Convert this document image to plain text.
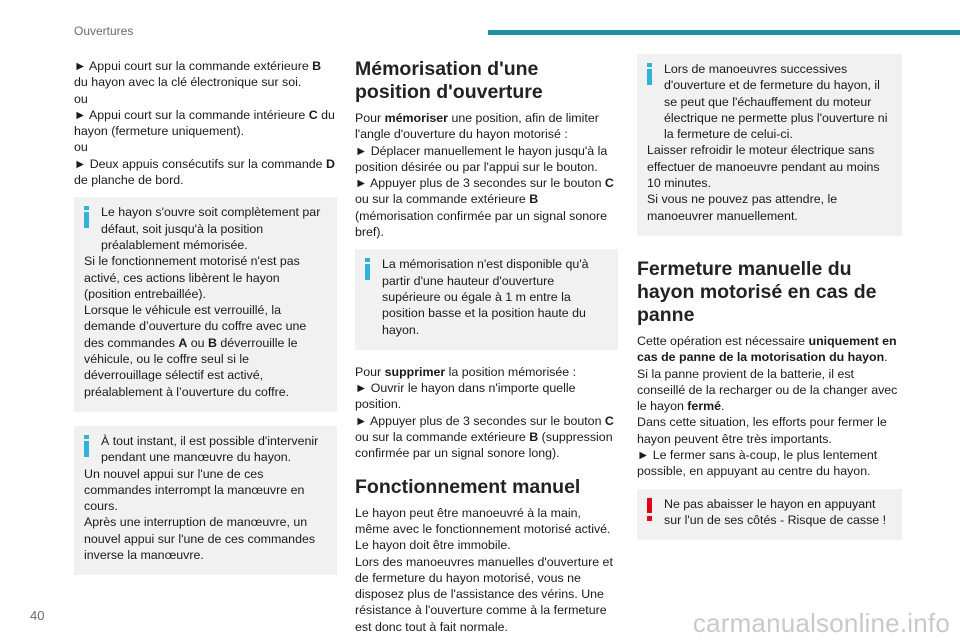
Ouvertures

► Appui court sur la commande extérieure B du hayon avec la clé électronique sur soi.

ou

► Appui court sur la commande intérieure C du hayon (fermeture uniquement).

ou

► Deux appuis consécutifs sur la commande D de planche de bord.

Le hayon s'ouvre soit complètement par défaut, soit jusqu'à la position préalablement mémorisée.
Si le fonctionnement motorisé n'est pas activé, ces actions libèrent le hayon (position entrebaillée).
Lorsque le véhicule est verrouillé, la demande d’ouverture du coffre avec une des commandes A ou B déverrouille le véhicule, ou le coffre seul si le déverrouillage sélectif est activé, préalablement à l’ouverture du coffre.
À tout instant, il est possible d'intervenir pendant une manœuvre du hayon.
Un nouvel appui sur l'une de ces commandes interrompt la manœuvre en cours.
Après une interruption de manœuvre, un nouvel appui sur l'une de ces commandes inverse la manœuvre.
Mémorisation d'une position d'ouverture

Pour mémoriser une position, afin de limiter l'angle d'ouverture du hayon motorisé :

► Déplacer manuellement le hayon jusqu'à la position désirée ou par l'appui sur le bouton.

► Appuyer plus de 3 secondes sur le bouton C ou sur la commande extérieure B (mémorisation confirmée par un signal sonore bref).

La mémorisation n'est disponible qu'à partir d'une hauteur d'ouverture supérieure ou égale à 1 m entre la position basse et la position haute du hayon.

Pour supprimer la position mémorisée :

► Ouvrir le hayon dans n'importe quelle position.

► Appuyer plus de 3 secondes sur le bouton C ou sur la commande extérieure B (suppression confirmée par un signal sonore long).

Fonctionnement manuel

Le hayon peut être manoeuvré à la main, même avec le fonctionnement motorisé activé.

Le hayon doit être immobile.

Lors des manoeuvres manuelles d'ouverture et de fermeture du hayon motorisé, vous ne disposez plus de l'assistance des vérins. Une résistance à l'ouverture comme à la fermeture est donc tout à fait normale.

Lors de manoeuvres successives d'ouverture et de fermeture du hayon, il se peut que l'échauffement du moteur électrique ne permette plus l'ouverture ni la fermeture de celui-ci.
Laisser refroidir le moteur électrique sans effectuer de manoeuvre pendant au moins 10 minutes.
Si vous ne pouvez pas attendre, le manoeuvrer manuellement.
Fermeture manuelle du hayon motorisé en cas de panne

Cette opération est nécessaire uniquement en cas de panne de la motorisation du hayon.

Si la panne provient de la batterie, il est conseillé de la recharger ou de la changer avec le hayon fermé.

Dans cette situation, les efforts pour fermer le hayon peuvent être très importants.

► Le fermer sans à-coup, le plus lentement possible, en appuyant au centre du hayon.

Ne pas abaisser le hayon en appuyant sur l'un de ses côtés - Risque de casse !
40	carmanualsonline.info
